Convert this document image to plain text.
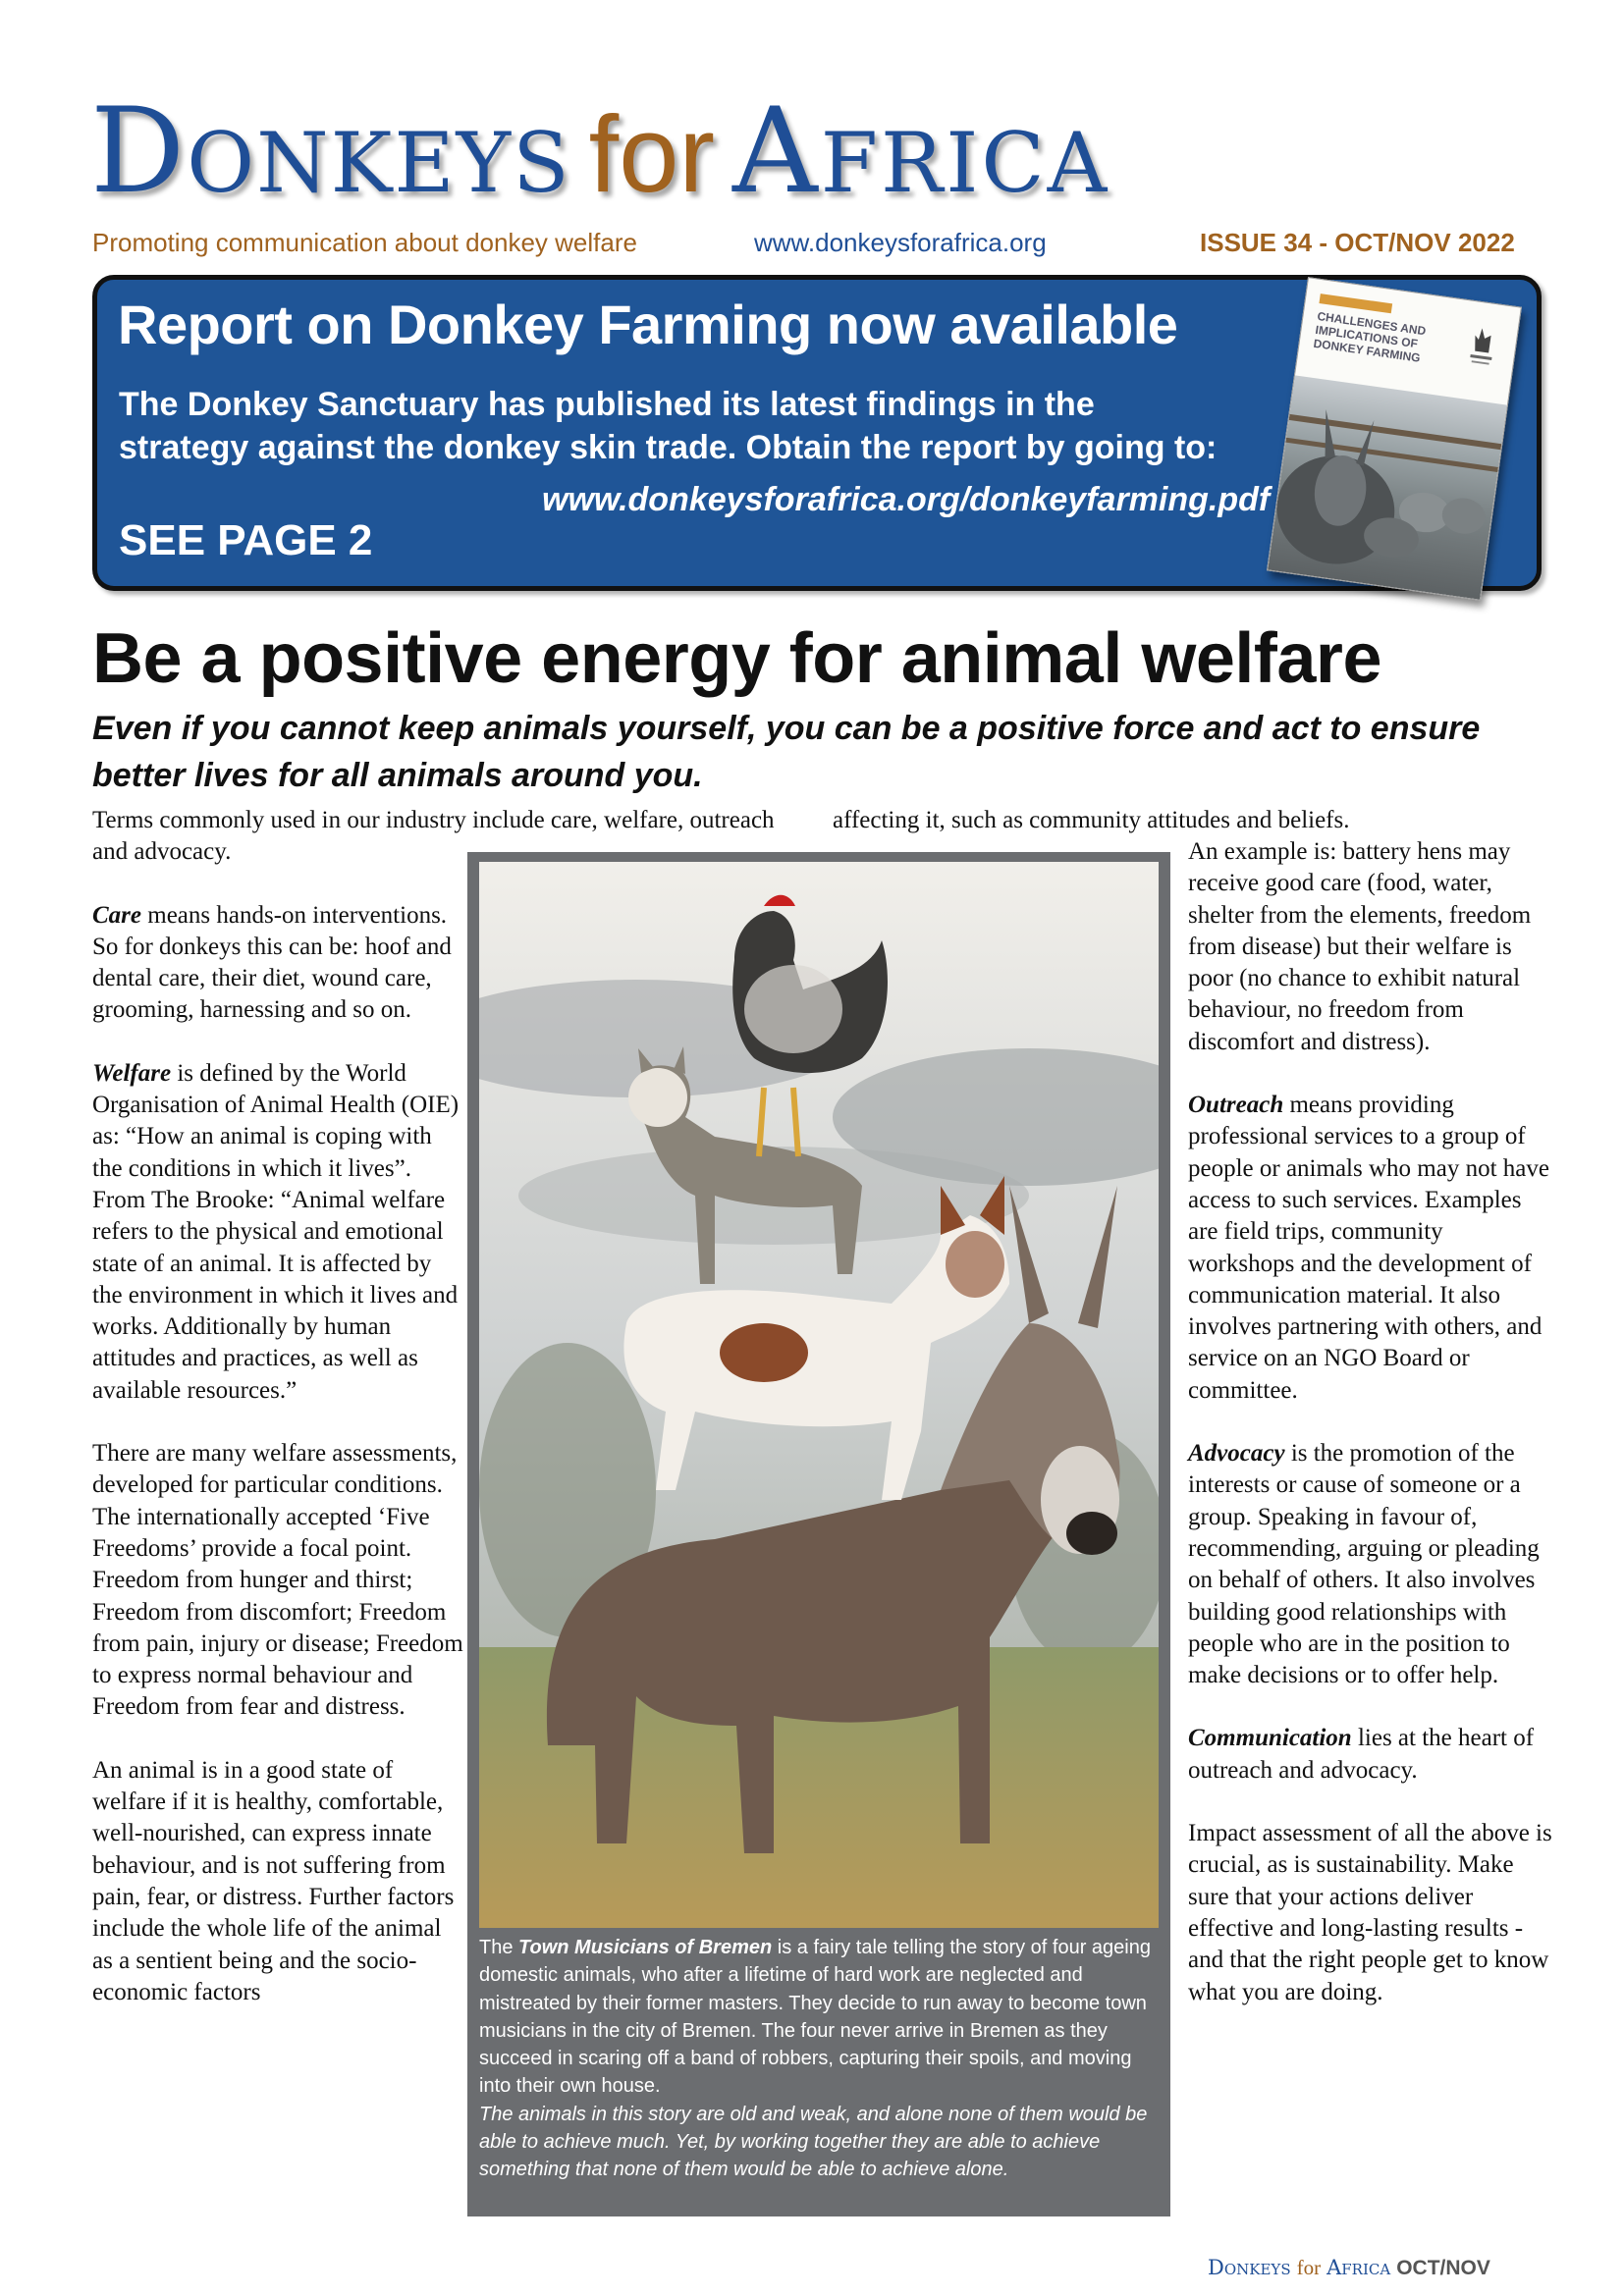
Donkeys for Africa
Promoting communication about donkey welfare	www.donkeysforafrica.org	ISSUE 34 - OCT/NOV 2022
Report on Donkey Farming now available
The Donkey Sanctuary has published its latest findings in the strategy against the donkey skin trade. Obtain the report by going to:
www.donkeysforafrica.org/donkeyfarming.pdf
SEE PAGE 2
CHALLENGES AND IMPLICATIONS OF DONKEY FARMING
Be a positive energy for animal welfare
Even if you cannot keep animals yourself, you can be a positive force and act to ensure better lives for all animals around you.
The Town Musicians of Bremen is a fairy tale telling the story of four ageing domestic animals, who after a lifetime of hard work are neglected and mistreated by their former masters. They decide to run away to become town musicians in the city of Bremen. The four never arrive in Bremen as they succeed in scaring off a band of robbers, capturing their spoils, and moving into their own house.
The animals in this story are old and weak, and alone none of them would be able to achieve much. Yet, by working together they are able to achieve something that none of them would be able to achieve alone.

Terms commonly used in our industry include care, welfare, outreach and advocacy.

Care means hands-on interventions. So for donkeys this can be: hoof and dental care, their diet, wound care, grooming, harnessing and so on.

Welfare is defined by the World Organisation of Animal Health (OIE) as: “How an animal is coping with the conditions in which it lives”. From The Brooke: “Animal welfare refers to the physical and emotional state of an animal. It is affected by the environment in which it lives and works. Additionally by human attitudes and practices, as well as available resources.”

There are many welfare assessments, developed for particular conditions. The internationally accepted ‘Five Freedoms’ provide a focal point. Freedom from hunger and thirst; Freedom from discomfort; Freedom from pain, injury or disease; Freedom to express normal behaviour and Freedom from fear and distress.

An animal is in a good state of welfare if it is healthy, comfortable, well-nourished, can express innate behaviour, and is not suffering from pain, fear, or distress. Further factors include the whole life of the animal as a sentient being and the socio-economic factors

affecting it, such as community attitudes and beliefs.

An example is: battery hens may receive good care (food, water, shelter from the elements, freedom from disease) but their welfare is poor (no chance to exhibit natural behaviour, no freedom from discomfort and distress).

Outreach means providing professional services to a group of people or animals who may not have access to such services. Examples are field trips, community workshops and the development of communication material. It also involves partnering with others, and service on an NGO Board or committee.

Advocacy is the promotion of the interests or cause of someone or a group. Speaking in favour of, recommending, arguing or pleading on behalf of others. It also involves building good relationships with people who are in the position to make decisions or to offer help.

Communication lies at the heart of outreach and advocacy.

Impact assessment of all the above is crucial, as is sustainability. Make sure that your actions deliver effective and long-lasting results - and that the right people get to know what you are doing.

Donkeys for Africa OCT/NOV
